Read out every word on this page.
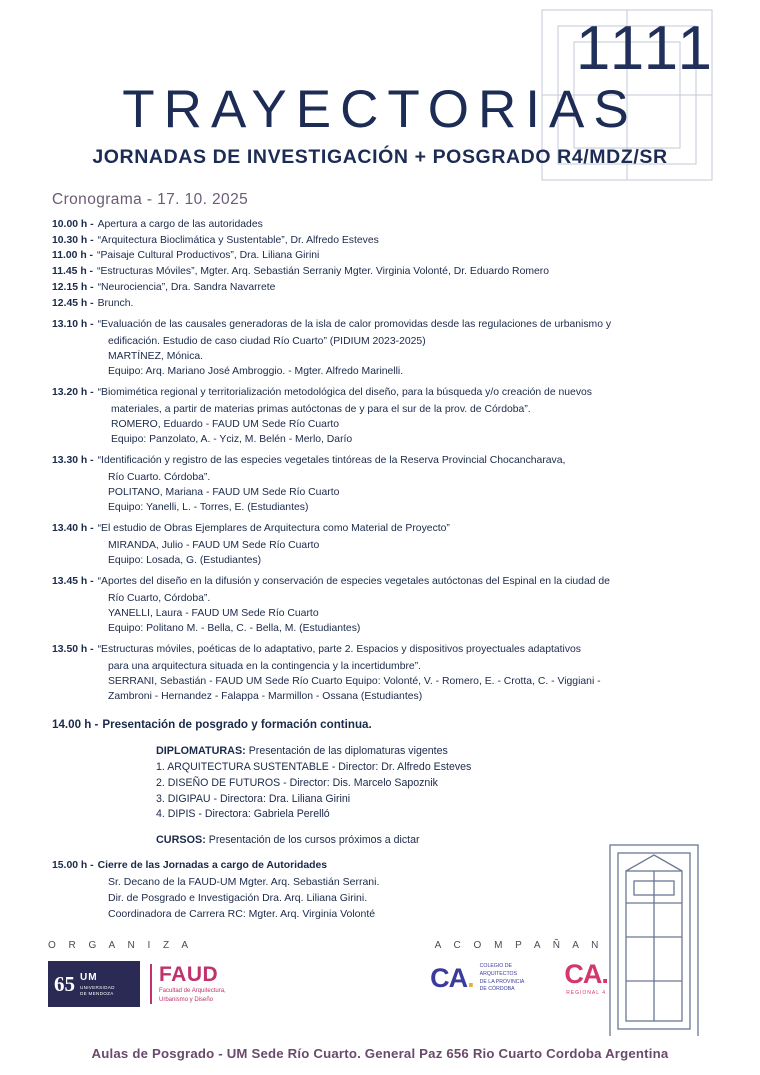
1111
TRAYECTORIAS
JORNADAS DE INVESTIGACIÓN + POSGRADO R4/MDZ/SR
Cronograma - 17. 10. 2025
10.00 h - Apertura a cargo de las autoridades
10.30 h - “Arquitectura Bioclimática y Sustentable”, Dr. Alfredo Esteves
11.00 h - “Paisaje Cultural Productivos”, Dra. Liliana Girini
11.45 h - “Estructuras Móviles”, Mgter. Arq. Sebastián Serraniy Mgter. Virginia Volonté, Dr. Eduardo Romero
12.15 h - “Neurociencia”, Dra. Sandra Navarrete
12.45 h - Brunch.
13.10 h - “Evaluación de las causales generadoras de la isla de calor promovidas desde las regulaciones de urbanismo y
edificación. Estudio de caso ciudad Río Cuarto” (PIDIUM 2023-2025)
MARTÍNEZ, Mónica.
Equipo: Arq. Mariano José Ambroggio. - Mgter. Alfredo Marinelli.
13.20 h - “Biomimética regional y territorialización metodológica del diseño, para la búsqueda y/o creación de nuevos
materiales, a partir de materias primas autóctonas de y para el sur de la prov. de Córdoba”.
ROMERO, Eduardo - FAUD UM Sede Río Cuarto
Equipo: Panzolato, A. - Yciz, M. Belén - Merlo, Darío
13.30 h - “Identificación y registro de las especies vegetales tintóreas de la Reserva Provincial Chocancharava,
Río Cuarto. Córdoba”.
POLITANO, Mariana - FAUD UM Sede Río Cuarto
Equipo: Yanelli, L. - Torres, E. (Estudiantes)
13.40 h - “El estudio de Obras Ejemplares de Arquitectura como Material de Proyecto”
MIRANDA, Julio - FAUD UM Sede Río Cuarto
Equipo: Losada, G. (Estudiantes)
13.45 h - “Aportes del diseño en la difusión y conservación de especies vegetales autóctonas del Espinal en la ciudad de
Río Cuarto, Córdoba”.
YANELLI, Laura - FAUD UM Sede Río Cuarto
Equipo: Politano M. - Bella, C. - Bella, M. (Estudiantes)
13.50 h - “Estructuras móviles, poéticas de lo adaptativo, parte 2. Espacios y dispositivos proyectuales adaptativos
para una arquitectura situada en la contingencia y la incertidumbre”.
SERRANI, Sebastián - FAUD UM Sede Río Cuarto Equipo: Volonté, V. - Romero, E. - Crotta, C. - Viggiani -
Zambroni - Hernandez - Falappa - Marmillon - Ossana (Estudiantes)
14.00 h - Presentación de posgrado y formación continua.
DIPLOMATURAS: Presentación de las diplomaturas vigentes
1. ARQUITECTURA SUSTENTABLE - Director: Dr. Alfredo Esteves
2. DISEÑO DE FUTUROS - Director: Dis. Marcelo Sapoznik
3. DIGIPAU - Directora: Dra. Liliana Girini
4. DIPIS - Directora: Gabriela Perelló
CURSOS: Presentación de los cursos próximos a dictar
15.00 h - Cierre de las Jornadas a cargo de Autoridades
Sr. Decano de la FAUD-UM Mgter. Arq. Sebastián Serrani.
Dir. de Posgrado e Investigación Dra. Arq. Liliana Girini.
Coordinadora de Carrera RC: Mgter. Arq. Virginia Volonté
O R G A N I Z A
65 UM
UNIVERSIDAD
DE MENDOZA
FAUD
Facultad de Arquitectura,
Urbanismo y Diseño
A C O M P A Ñ A N
CA. COLEGIO DE
ARQUITECTOS
DE LA PROVINCIA
DE CÓRDOBA
CA.
REGIONAL 4
Aulas de Posgrado - UM Sede Río Cuarto. General Paz 656 Rio Cuarto Cordoba Argentina
